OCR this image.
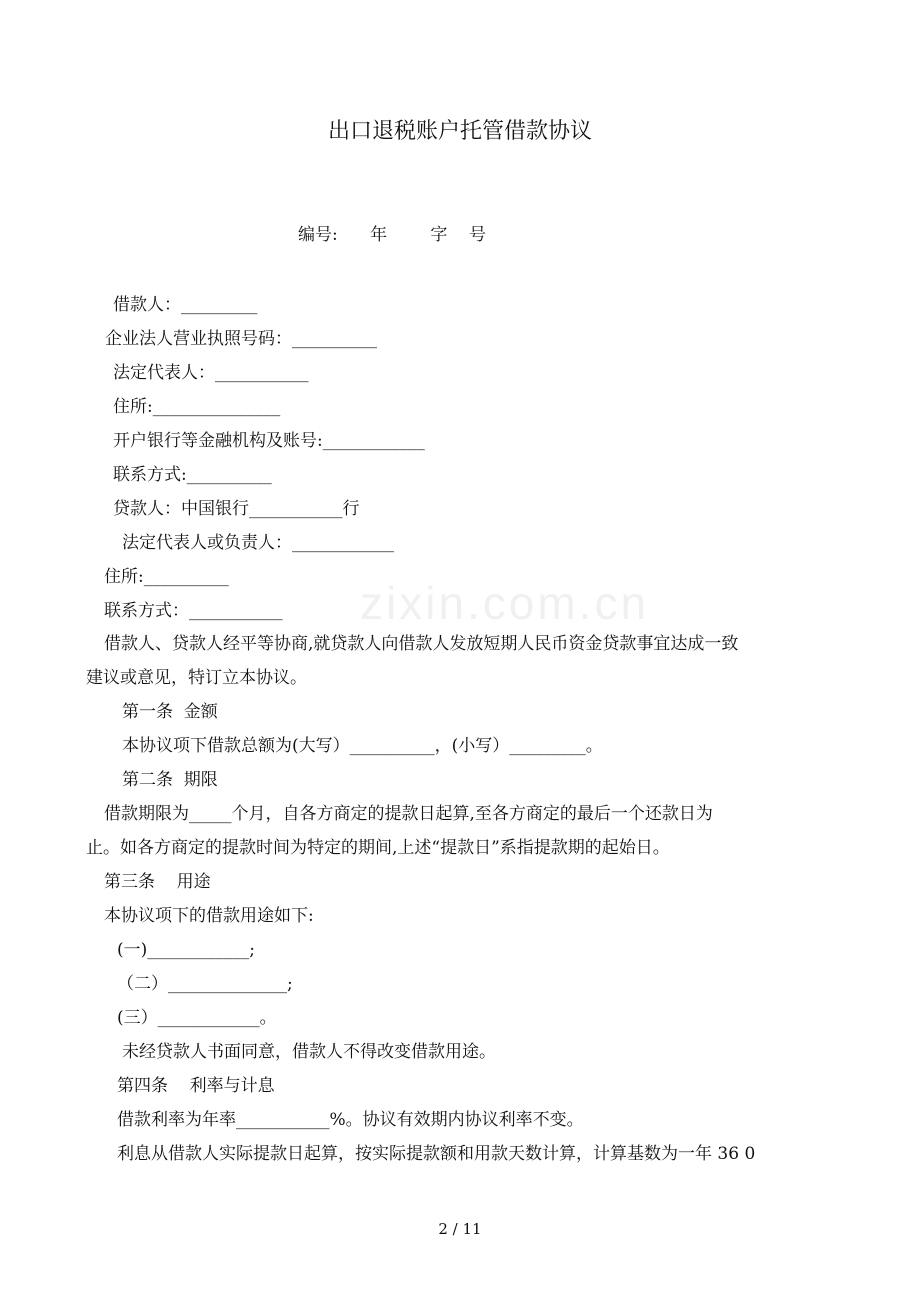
出口退税账户托管借款协议
编号:      年        字    号
借款人：_________
企业法人营业执照号码：__________
法定代表人：___________
住所:_______________
开户银行等金融机构及账号:____________
联系方式:__________
贷款人：中国银行___________行
法定代表人或负责人：____________
住所:__________
联系方式：___________ zixin.com.cn
借款人、贷款人经平等协商,就贷款人向借款人发放短期人民币资金贷款事宜达成一致
建议或意见，特订立本协议。
第一条  金额
本协议项下借款总额为(大写）__________，(小写）_________。
第二条  期限
借款期限为_____个月，自各方商定的提款日起算,至各方商定的最后一个还款日为
止。如各方商定的提款时间为特定的期间,上述“提款日”系指提款期的起始日。
第三条    用途
本协议项下的借款用途如下:
(一)____________;
（二）______________;
(三）____________。
未经贷款人书面同意，借款人不得改变借款用途。
第四条    利率与计息
借款利率为年率___________%。协议有效期内协议利率不变。
利息从借款人实际提款日起算，按实际提款额和用款天数计算，计算基数为一年 36 0
2 / 11
